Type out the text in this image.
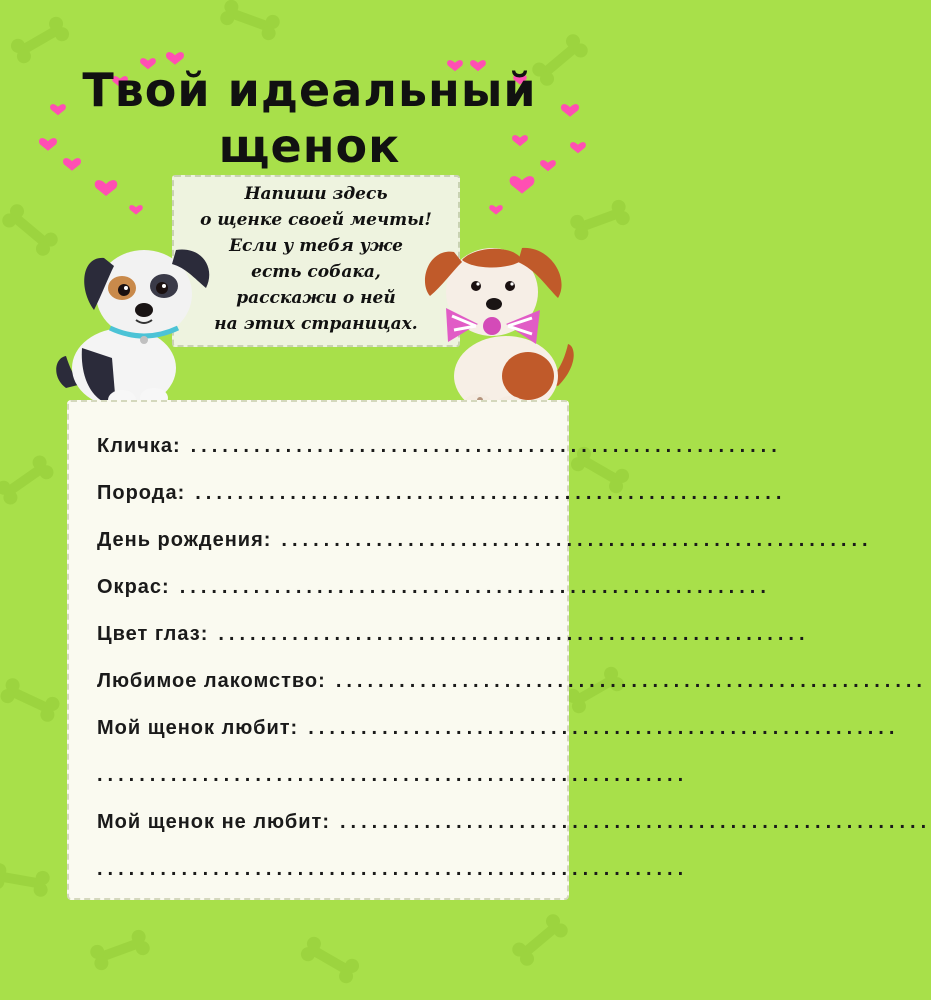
Твой идеальный
щенок
Напиши здесь
о щенке своей мечты!
Если у тебя уже
есть собака,
расскажи о ней
на этих страницах.
Кличка: ........................................................
Порода: ........................................................
День рождения: ........................................................
Окрас: ........................................................
Цвет глаз: ........................................................
Любимое лакомство: ........................................................
Мой щенок любит: ........................................................
........................................................
Мой щенок не любит: ........................................................
........................................................
